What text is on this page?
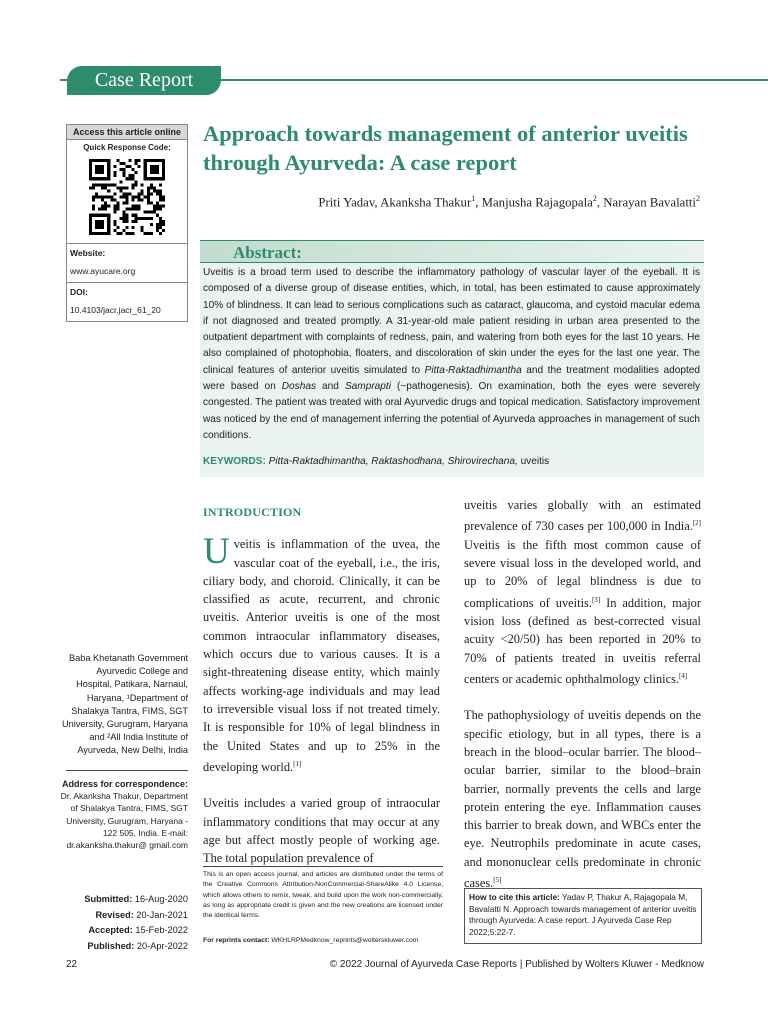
Case Report
Access this article online
Quick Response Code:
Website:
www.ayucare.org
DOI:
10.4103/jacr.jacr_61_20
Baba Khetanath Government Ayurvedic College and Hospital, Patikara, Narnaul, Haryana, ¹Department of Shalakya Tantra, FIMS, SGT University, Gurugram, Haryana and ²All India Institute of Ayurveda, New Delhi, India
Address for correspondence:
Dr. Akanksha Thakur, Department of Shalakya Tantra, FIMS, SGT University, Gurugram, Haryana - 122 505, India. E-mail: dr.akanksha.thakur@ gmail.com
Submitted: 16-Aug-2020
Revised: 20-Jan-2021
Accepted: 15-Feb-2022
Published: 20-Apr-2022
Approach towards management of anterior uveitis through Ayurveda: A case report
Priti Yadav, Akanksha Thakur$^1$, Manjusha Rajagopala$^2$, Narayan Bavalatti$^2$
Abstract:
Uveitis is a broad term used to describe the inflammatory pathology of vascular layer of the eyeball. It is composed of a diverse group of disease entities, which, in total, has been estimated to cause approximately 10% of blindness. It can lead to serious complications such as cataract, glaucoma, and cystoid macular edema if not diagnosed and treated promptly. A 31-year-old male patient residing in urban area presented to the outpatient department with complaints of redness, pain, and watering from both eyes for the last 10 years. He also complained of photophobia, floaters, and discoloration of skin under the eyes for the last one year. The clinical features of anterior uveitis simulated to Pitta-Raktadhimantha and the treatment modalities adopted were based on Doshas and Samprapti (~pathogenesis). On examination, both the eyes were severely congested. The patient was treated with oral Ayurvedic drugs and topical medication. Satisfactory improvement was noticed by the end of management inferring the potential of Ayurveda approaches in management of such conditions.
KEYWORDS: Pitta-Raktadhimantha, Raktashodhana, Shirovirechana, uveitis
INTRODUCTION

Uveitis is inflammation of the uvea, the vascular coat of the eyeball, i.e., the iris, ciliary body, and choroid. Clinically, it can be classified as acute, recurrent, and chronic uveitis. Anterior uveitis is one of the most common intraocular inflammatory diseases, which occurs due to various causes. It is a sight-threatening disease entity, which mainly affects working-age individuals and may lead to irreversible visual loss if not treated timely. It is responsible for 10% of legal blindness in the United States and up to 25% in the developing world.[1]

Uveitis includes a varied group of intraocular inflammatory conditions that may occur at any age but affect mostly people of working age. The total population prevalence of

uveitis varies globally with an estimated prevalence of 730 cases per 100,000 in India.[2] Uveitis is the fifth most common cause of severe visual loss in the developed world, and up to 20% of legal blindness is due to complications of uveitis.[3] In addition, major vision loss (defined as best-corrected visual acuity <20/50) has been reported in 20% to 70% of patients treated in uveitis referral centers or academic ophthalmology clinics.[4]

The pathophysiology of uveitis depends on the specific etiology, but in all types, there is a breach in the blood–ocular barrier. The blood–ocular barrier, similar to the blood–brain barrier, normally prevents the cells and large protein entering the eye. Inflammation causes this barrier to break down, and WBCs enter the eye. Neutrophils predominate in acute cases, and mononuclear cells predominate in chronic cases.[5]

This is an open access journal, and articles are distributed under the terms of the Creative Commons Attribution-NonCommercial-ShareAlike 4.0 License, which allows others to remix, tweak, and build upon the work non-commercially, as long as appropriate credit is given and the new creations are licensed under the identical terms.
For reprints contact: WKHLRPMedknow_reprints@wolterskluwer.com
How to cite this article: Yadav P, Thakur A, Rajagopala M, Bavalatti N. Approach towards management of anterior uveitis through Ayurveda: A case report. J Ayurveda Case Rep 2022;5:22-7.
22	© 2022 Journal of Ayurveda Case Reports | Published by Wolters Kluwer - Medknow
